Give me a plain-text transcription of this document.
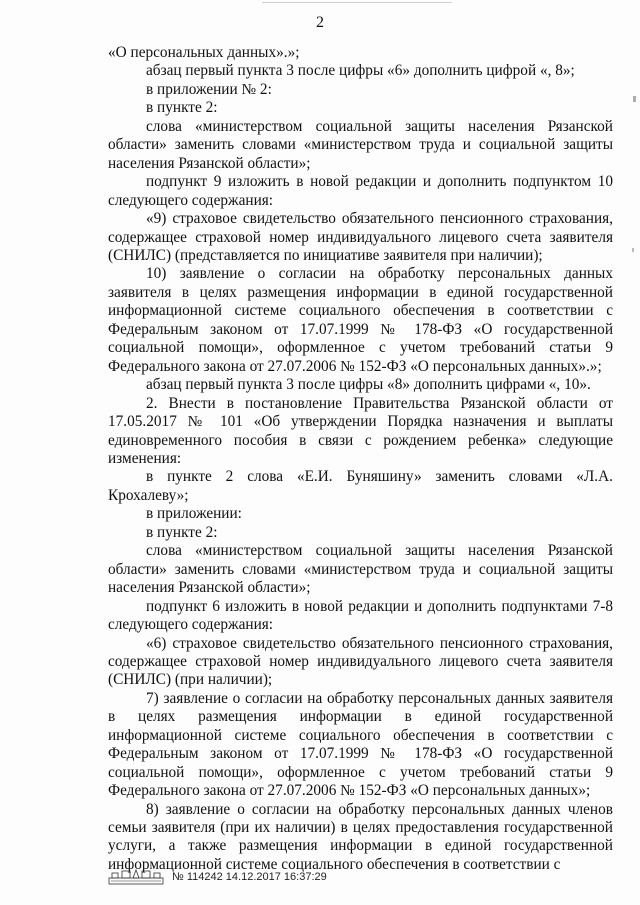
2

«О персональных данных».»;

абзац первый пункта 3 после цифры «6» дополнить цифрой «, 8»;

в приложении № 2:

в пункте 2:

слова «министерством социальной защиты населения Рязанской области» заменить словами «министерством труда и социальной защиты населения Рязанской области»;

подпункт 9 изложить в новой редакции и дополнить подпунктом 10 следующего содержания:

«9) страховое свидетельство обязательного пенсионного страхования, содержащее страховой номер индивидуального лицевого счета заявителя (СНИЛС) (представляется по инициативе заявителя при наличии);

10) заявление о согласии на обработку персональных данных заявителя в целях размещения информации в единой государственной информационной системе социального обеспечения в соответствии с Федеральным законом от 17.07.1999 № 178-ФЗ «О государственной социальной помощи», оформленное с учетом требований статьи 9 Федерального закона от 27.07.2006 № 152-ФЗ «О персональных данных».»;

абзац первый пункта 3 после цифры «8» дополнить цифрами «, 10».

2. Внести в постановление Правительства Рязанской области от 17.05.2017 № 101 «Об утверждении Порядка назначения и выплаты единовременного пособия в связи с рождением ребенка» следующие изменения:

в пункте 2 слова «Е.И. Буняшину» заменить словами «Л.А. Крохалеву»;

в приложении:

в пункте 2:

слова «министерством социальной защиты населения Рязанской области» заменить словами «министерством труда и социальной защиты населения Рязанской области»;

подпункт 6 изложить в новой редакции и дополнить подпунктами 7-8 следующего содержания:

«6) страховое свидетельство обязательного пенсионного страхования, содержащее страховой номер индивидуального лицевого счета заявителя (СНИЛС) (при наличии);

7) заявление о согласии на обработку персональных данных заявителя в целях размещения информации в единой государственной информационной системе социального обеспечения в соответствии с Федеральным законом от 17.07.1999 № 178-ФЗ «О государственной социальной помощи», оформленное с учетом требований статьи 9 Федерального закона от 27.07.2006 № 152-ФЗ «О персональных данных»;

8) заявление о согласии на обработку персональных данных членов семьи заявителя (при их наличии) в целях предоставления государственной услуги, а также размещения информации в единой государственной информационной системе социального обеспечения в соответствии с

№ 114242 14.12.2017 16:37:29
